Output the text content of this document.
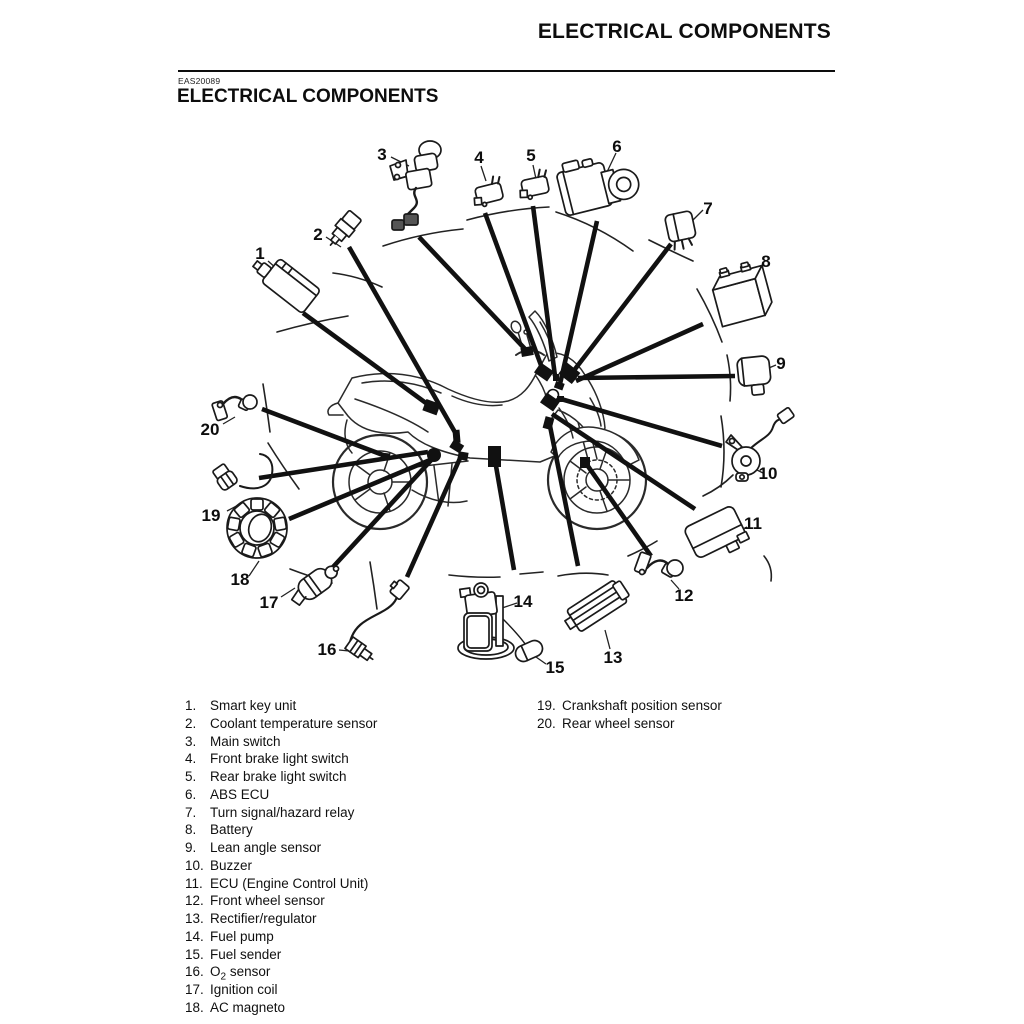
ELECTRICAL COMPONENTS
EAS20089
ELECTRICAL COMPONENTS
1
2
3	4	5	6
7
8
9
10
11
12
13
14
15
16
17
18
19
20
1.	Smart key unit
2.	Coolant temperature sensor
3.	Main switch
4.	Front brake light switch
5.	Rear brake light switch
6.	ABS ECU
7.	Turn signal/hazard relay
8.	Battery
9.	Lean angle sensor
10. Buzzer
11. ECU (Engine Control Unit)
12. Front wheel sensor
13. Rectifier/regulator
14. Fuel pump
15. Fuel sender
16. $O_2$ sensor
17. Ignition coil
18. AC magneto
19. Crankshaft position sensor
20. Rear wheel sensor
